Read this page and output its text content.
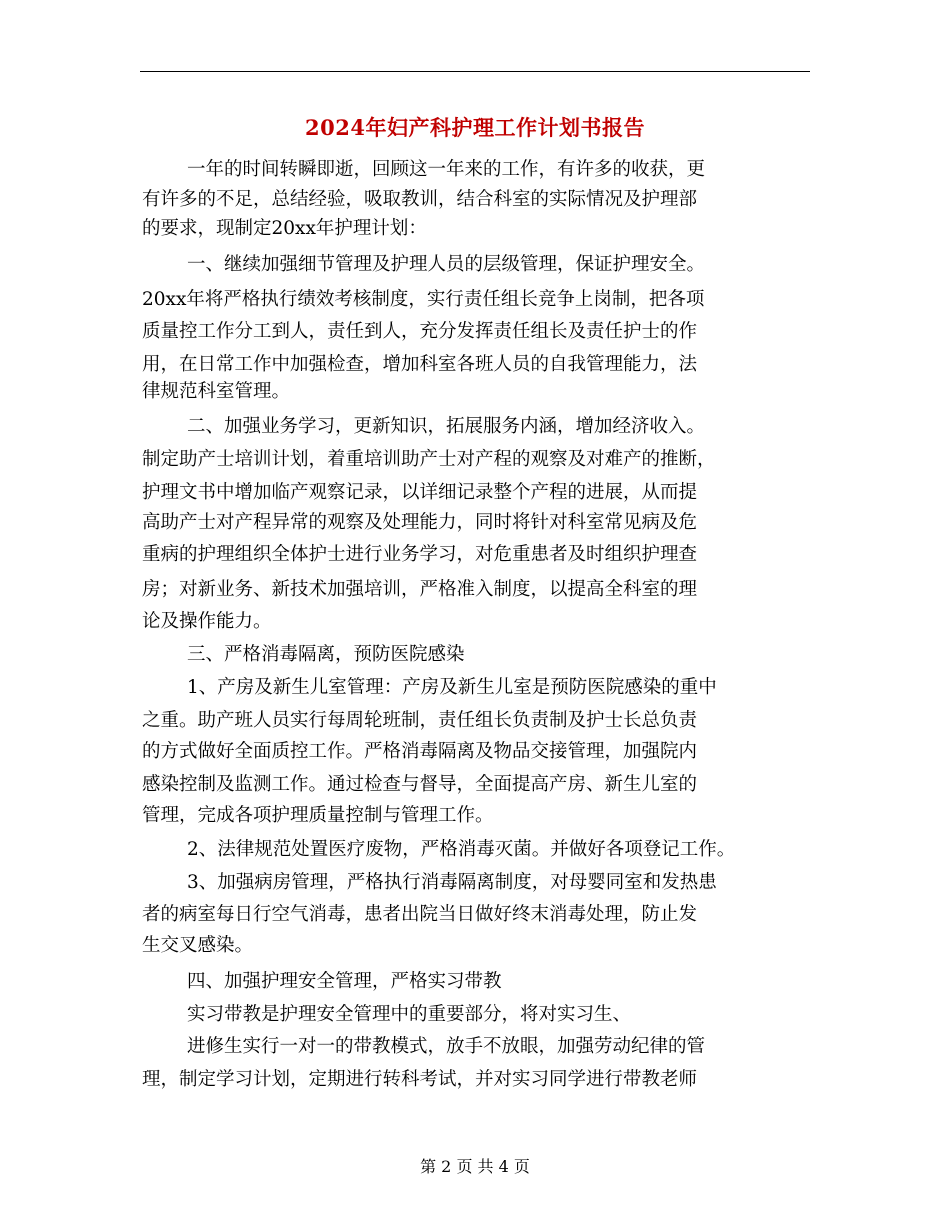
2024年妇产科护理工作计划书报告
一年的时间转瞬即逝，回顾这一年来的工作，有许多的收获，更
有许多的不足，总结经验，吸取教训，结合科室的实际情况及护理部
的要求，现制定20xx年护理计划：
一、继续加强细节管理及护理人员的层级管理，保证护理安全。
20xx年将严格执行绩效考核制度，实行责任组长竞争上岗制，把各项
质量控工作分工到人，责任到人，充分发挥责任组长及责任护士的作
用，在日常工作中加强检查，增加科室各班人员的自我管理能力，法
律规范科室管理。
二、加强业务学习，更新知识，拓展服务内涵，增加经济收入。
制定助产士培训计划，着重培训助产士对产程的观察及对难产的推断，
护理文书中增加临产观察记录，以详细记录整个产程的进展，从而提
高助产士对产程异常的观察及处理能力，同时将针对科室常见病及危
重病的护理组织全体护士进行业务学习，对危重患者及时组织护理查
房；对新业务、新技术加强培训，严格准入制度，以提高全科室的理
论及操作能力。
三、严格消毒隔离，预防医院感染
1、产房及新生儿室管理：产房及新生儿室是预防医院感染的重中
之重。助产班人员实行每周轮班制，责任组长负责制及护士长总负责
的方式做好全面质控工作。严格消毒隔离及物品交接管理，加强院内
感染控制及监测工作。通过检查与督导，全面提高产房、新生儿室的
管理，完成各项护理质量控制与管理工作。
2、法律规范处置医疗废物，严格消毒灭菌。并做好各项登记工作。
3、加强病房管理，严格执行消毒隔离制度，对母婴同室和发热患
者的病室每日行空气消毒，患者出院当日做好终末消毒处理，防止发
生交叉感染。
四、加强护理安全管理，严格实习带教
实习带教是护理安全管理中的重要部分，将对实习生、
进修生实行一对一的带教模式，放手不放眼，加强劳动纪律的管
理，制定学习计划，定期进行转科考试，并对实习同学进行带教老师
第 2 页 共 4 页
